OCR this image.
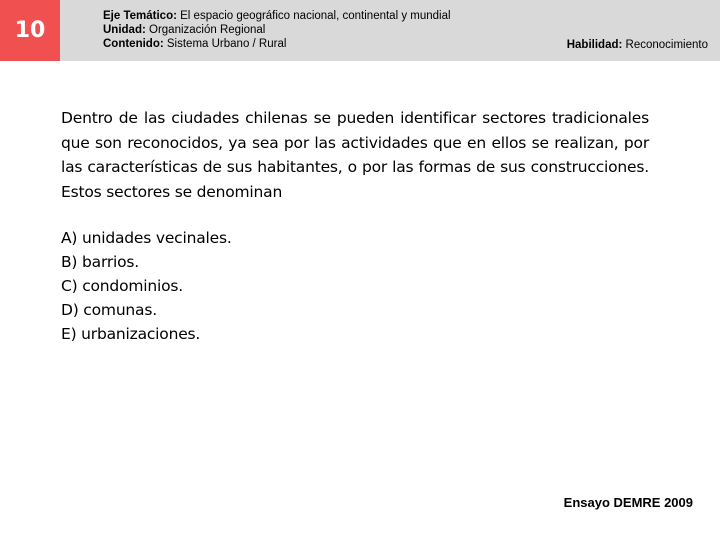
10
Eje Temático: El espacio geográfico nacional, continental y mundial
Unidad: Organización Regional
Contenido: Sistema Urbano / Rural	Habilidad: Reconocimiento
Dentro de las ciudades chilenas se pueden identificar sectores tradicionales que son reconocidos, ya sea por las actividades que en ellos se realizan, por las características de sus habitantes, o por las formas de sus construcciones. Estos sectores se denominan
A) unidades vecinales.
B) barrios.
C) condominios.
D) comunas.
E) urbanizaciones.
Ensayo DEMRE 2009
